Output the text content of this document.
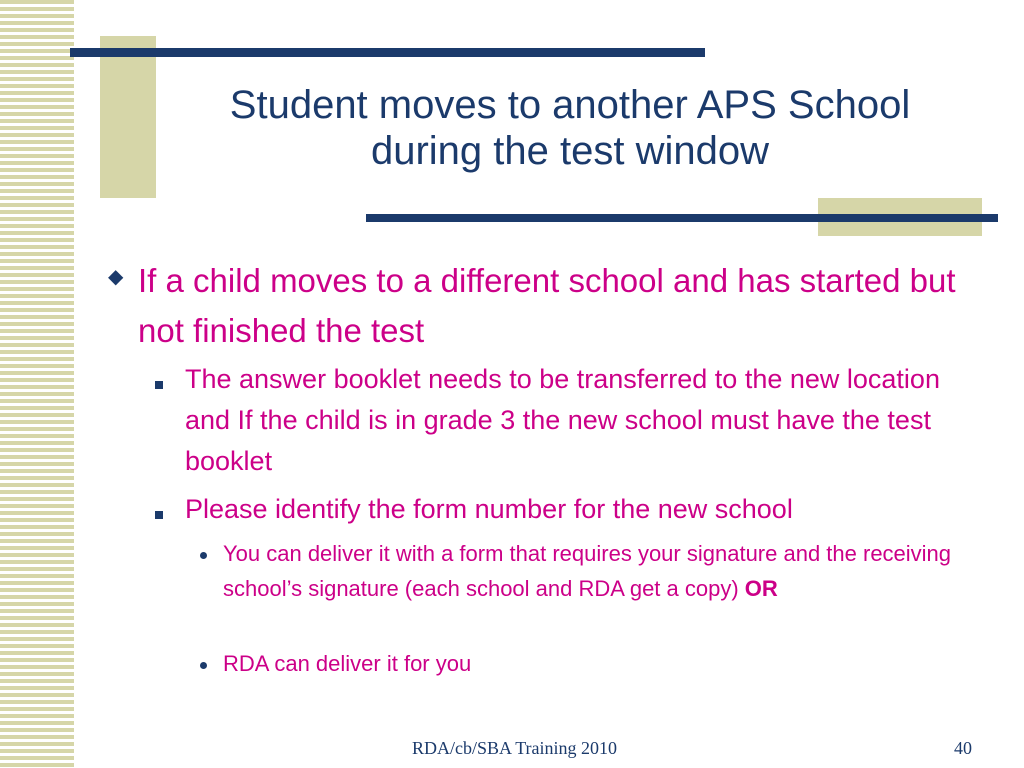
Student moves to another APS School
during the test window
◆ If a child moves to a different school and has started but not finished the test
The answer booklet needs to be transferred to the new location and If the child is in grade 3 the new school must have the test booklet
Please identify the form number for the new school
You can deliver it with a form that requires your signature and the receiving school’s signature (each school and RDA get a copy) OR
RDA can deliver it for you
RDA/cb/SBA Training 2010	40
